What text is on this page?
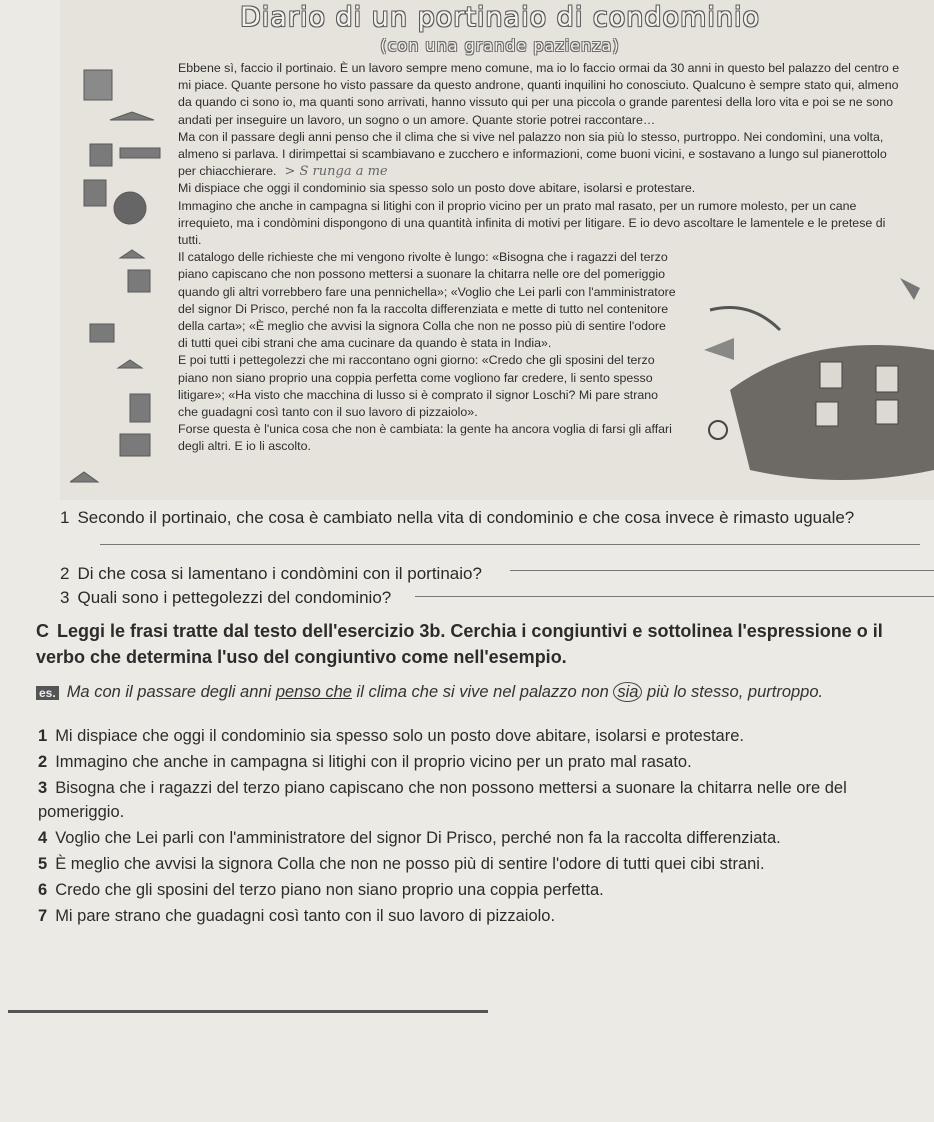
Diario di un portinaio di condominio
(con una grande pazienza)

Ebbene sì, faccio il portinaio. È un lavoro sempre meno comune, ma io lo faccio ormai da 30 anni in questo bel palazzo del centro e mi piace. Quante persone ho visto passare da questo androne, quanti inquilini ho conosciuto. Qualcuno è sempre stato qui, almeno da quando ci sono io, ma quanti sono arrivati, hanno vissuto qui per una piccola o grande parentesi della loro vita e poi se ne sono andati per inseguire un lavoro, un sogno o un amore. Quante storie potrei raccontare…

Ma con il passare degli anni penso che il clima che si vive nel palazzo non sia più lo stesso, purtroppo. Nei condomìni, una volta, almeno si parlava. I dirimpettai si scambiavano e zucchero e informazioni, come buoni vicini, e sostavano a lungo sul pianerottolo per chiacchierare. > S runga a me

Mi dispiace che oggi il condominio sia spesso solo un posto dove abitare, isolarsi e protestare.

Immagino che anche in campagna si litighi con il proprio vicino per un prato mal rasato, per un rumore molesto, per un cane irrequieto, ma i condòmini dispongono di una quantità infinita di motivi per litigare. E io devo ascoltare le lamentele e le pretese di tutti.

Il catalogo delle richieste che mi vengono rivolte è lungo: «Bisogna che i ragazzi del terzo piano capiscano che non possono mettersi a suonare la chitarra nelle ore del pomeriggio quando gli altri vorrebbero fare una pennichella»; «Voglio che Lei parli con l'amministratore del signor Di Prisco, perché non fa la raccolta differenziata e mette di tutto nel contenitore della carta»; «È meglio che avvisi la signora Colla che non ne posso più di sentire l'odore di tutti quei cibi strani che ama cucinare da quando è stata in India».

E poi tutti i pettegolezzi che mi raccontano ogni giorno: «Credo che gli sposini del terzo piano non siano proprio una coppia perfetta come vogliono far credere, li sento spesso litigare»; «Ha visto che macchina di lusso si è comprato il signor Loschi? Mi pare strano che guadagni così tanto con il suo lavoro di pizzaiolo».

Forse questa è l'unica cosa che non è cambiata: la gente ha ancora voglia di farsi gli affari degli altri. E io li ascolto.

1 Secondo il portinaio, che cosa è cambiato nella vita di condominio e che cosa invece è rimasto uguale?
2 Di che cosa si lamentano i condòmini con il portinaio?
3 Quali sono i pettegolezzi del condominio?
C Leggi le frasi tratte dal testo dell'esercizio 3b. Cerchia i congiuntivi e sottolinea l'espressione o il verbo che determina l'uso del congiuntivo come nell'esempio.
es. Ma con il passare degli anni penso che il clima che si vive nel palazzo non sia più lo stesso, purtroppo.
1 Mi dispiace che oggi il condominio sia spesso solo un posto dove abitare, isolarsi e protestare.
2 Immagino che anche in campagna si litighi con il proprio vicino per un prato mal rasato.
3 Bisogna che i ragazzi del terzo piano capiscano che non possono mettersi a suonare la chitarra nelle ore del pomeriggio.
4 Voglio che Lei parli con l'amministratore del signor Di Prisco, perché non fa la raccolta differenziata.
5 È meglio che avvisi la signora Colla che non ne posso più di sentire l'odore di tutti quei cibi strani.
6 Credo che gli sposini del terzo piano non siano proprio una coppia perfetta.
7 Mi pare strano che guadagni così tanto con il suo lavoro di pizzaiolo.
